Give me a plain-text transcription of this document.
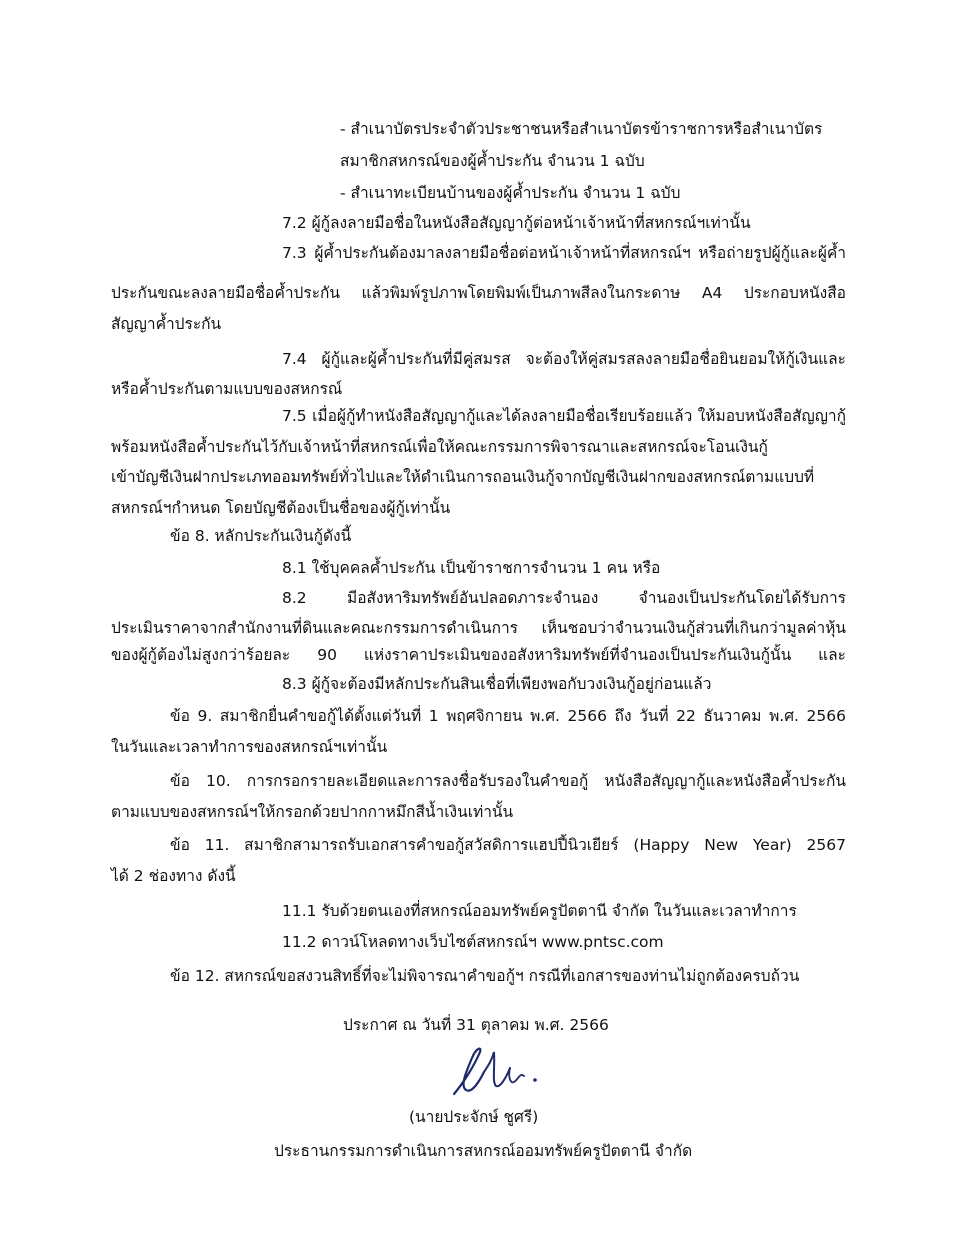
- สำเนาบัตรประจำตัวประชาชนหรือสำเนาบัตรข้าราชการหรือสำเนาบัตร
สมาชิกสหกรณ์ของผู้ค้ำประกัน จำนวน 1 ฉบับ
- สำเนาทะเบียนบ้านของผู้ค้ำประกัน จำนวน 1 ฉบับ
7.2 ผู้กู้ลงลายมือชื่อในหนังสือสัญญากู้ต่อหน้าเจ้าหน้าที่สหกรณ์ฯเท่านั้น
7.3 ผู้ค้ำประกันต้องมาลงลายมือชื่อต่อหน้าเจ้าหน้าที่สหกรณ์ฯ หรือถ่ายรูปผู้กู้และผู้ค้ำ
ประกันขณะลงลายมือชื่อค้ำประกัน แล้วพิมพ์รูปภาพโดยพิมพ์เป็นภาพสีลงในกระดาษ A4 ประกอบหนังสือ
สัญญาค้ำประกัน
7.4 ผู้กู้และผู้ค้ำประกันที่มีคู่สมรส จะต้องให้คู่สมรสลงลายมือชื่อยินยอมให้กู้เงินและ
หรือค้ำประกันตามแบบของสหกรณ์
7.5 เมื่อผู้กู้ทำหนังสือสัญญากู้และได้ลงลายมือชื่อเรียบร้อยแล้ว ให้มอบหนังสือสัญญากู้
พร้อมหนังสือค้ำประกันไว้กับเจ้าหน้าที่สหกรณ์เพื่อให้คณะกรรมการพิจารณาและสหกรณ์จะโอนเงินกู้
เข้าบัญชีเงินฝากประเภทออมทรัพย์ทั่วไปและให้ดำเนินการถอนเงินกู้จากบัญชีเงินฝากของสหกรณ์ตามแบบที่
สหกรณ์ฯกำหนด โดยบัญชีต้องเป็นชื่อของผู้กู้เท่านั้น
ข้อ 8. หลักประกันเงินกู้ดังนี้
8.1 ใช้บุคคลค้ำประกัน เป็นข้าราชการจำนวน 1 คน หรือ
8.2 มีอสังหาริมทรัพย์อันปลอดภาระจำนอง จำนองเป็นประกันโดยได้รับการ
ประเมินราคาจากสำนักงานที่ดินและคณะกรรมการดำเนินการ เห็นชอบว่าจำนวนเงินกู้ส่วนที่เกินกว่ามูลค่าหุ้น
ของผู้กู้ต้องไม่สูงกว่าร้อยละ 90 แห่งราคาประเมินของอสังหาริมทรัพย์ที่จำนองเป็นประกันเงินกู้นั้น และ
8.3 ผู้กู้จะต้องมีหลักประกันสินเชื่อที่เพียงพอกับวงเงินกู้อยู่ก่อนแล้ว
ข้อ 9. สมาชิกยื่นคำขอกู้ได้ตั้งแต่วันที่ 1 พฤศจิกายน พ.ศ. 2566 ถึง วันที่ 22 ธันวาคม พ.ศ. 2566
ในวันและเวลาทำการของสหกรณ์ฯเท่านั้น
ข้อ 10. การกรอกรายละเอียดและการลงชื่อรับรองในคำขอกู้ หนังสือสัญญากู้และหนังสือค้ำประกัน
ตามแบบของสหกรณ์ฯให้กรอกด้วยปากกาหมึกสีน้ำเงินเท่านั้น
ข้อ 11. สมาชิกสามารถรับเอกสารคำขอกู้สวัสดิการแฮปปี้นิวเยียร์ (Happy New Year) 2567
ได้ 2 ช่องทาง ดังนี้
11.1 รับด้วยตนเองที่สหกรณ์ออมทรัพย์ครูปัตตานี จำกัด ในวันและเวลาทำการ
11.2 ดาวน์โหลดทางเว็บไซต์สหกรณ์ฯ www.pntsc.com
ข้อ 12. สหกรณ์ขอสงวนสิทธิ์ที่จะไม่พิจารณาคำขอกู้ฯ กรณีที่เอกสารของท่านไม่ถูกต้องครบถ้วน
ประกาศ ณ วันที่ 31 ตุลาคม พ.ศ. 2566
(นายประจักษ์ ชูศรี)
ประธานกรรมการดำเนินการสหกรณ์ออมทรัพย์ครูปัตตานี จำกัด
